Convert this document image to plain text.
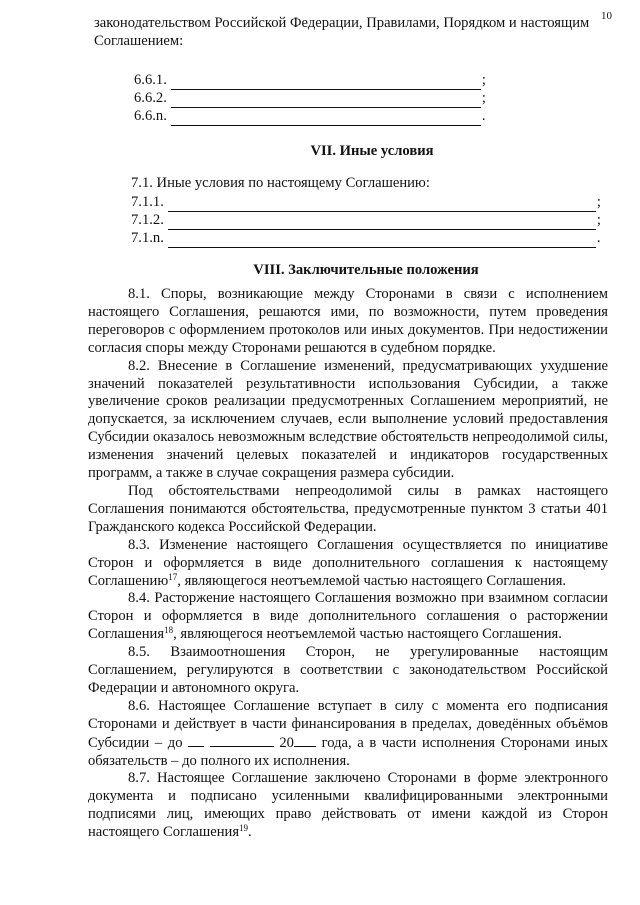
10
законодательством Российской Федерации, Правилами, Порядком и настоящим Соглашением:
6.6.1.	;
6.6.2.	;
6.6.n.	.
VII. Иные условия
7.1. Иные условия по настоящему Соглашению:
7.1.1.	;
7.1.2.	;
7.1.n.	.
VIII. Заключительные положения

8.1. Споры, возникающие между Сторонами в связи с исполнением настоящего Соглашения, решаются ими, по возможности, путем проведения переговоров с оформлением протоколов или иных документов. При недостижении согласия споры между Сторонами решаются в судебном порядке.

8.2. Внесение в Соглашение изменений, предусматривающих ухудшение значений показателей результативности использования Субсидии, а также увеличение сроков реализации предусмотренных Соглашением мероприятий, не допускается, за исключением случаев, если выполнение условий предоставления Субсидии оказалось невозможным вследствие обстоятельств непреодолимой силы, изменения значений целевых показателей и индикаторов государственных программ, а также в случае сокращения размера субсидии.

Под обстоятельствами непреодолимой силы в рамках настоящего Соглашения понимаются обстоятельства, предусмотренные пунктом 3 статьи 401 Гражданского кодекса Российской Федерации.

8.3. Изменение настоящего Соглашения осуществляется по инициативе Сторон и оформляется в виде дополнительного соглашения к настоящему Соглашению$^{17}$, являющегося неотъемлемой частью настоящего Соглашения.

8.4. Расторжение настоящего Соглашения возможно при взаимном согласии Сторон и оформляется в виде дополнительного соглашения о расторжении Соглашения$^{18}$, являющегося неотъемлемой частью настоящего Соглашения.

8.5. Взаимоотношения Сторон, не урегулированные настоящим Соглашением, регулируются в соответствии с законодательством Российской Федерации и автономного округа.

8.6. Настоящее Соглашение вступает в силу с момента его подписания Сторонами и действует в части финансирования в пределах, доведённых объёмов Субсидии – до	20 года, а в части исполнения Сторонами иных обязательств – до полного их исполнения.

8.7. Настоящее Соглашение заключено Сторонами в форме электронного документа и подписано усиленными квалифицированными электронными подписями лиц, имеющих право действовать от имени каждой из Сторон настоящего Соглашения$^{19}$.
